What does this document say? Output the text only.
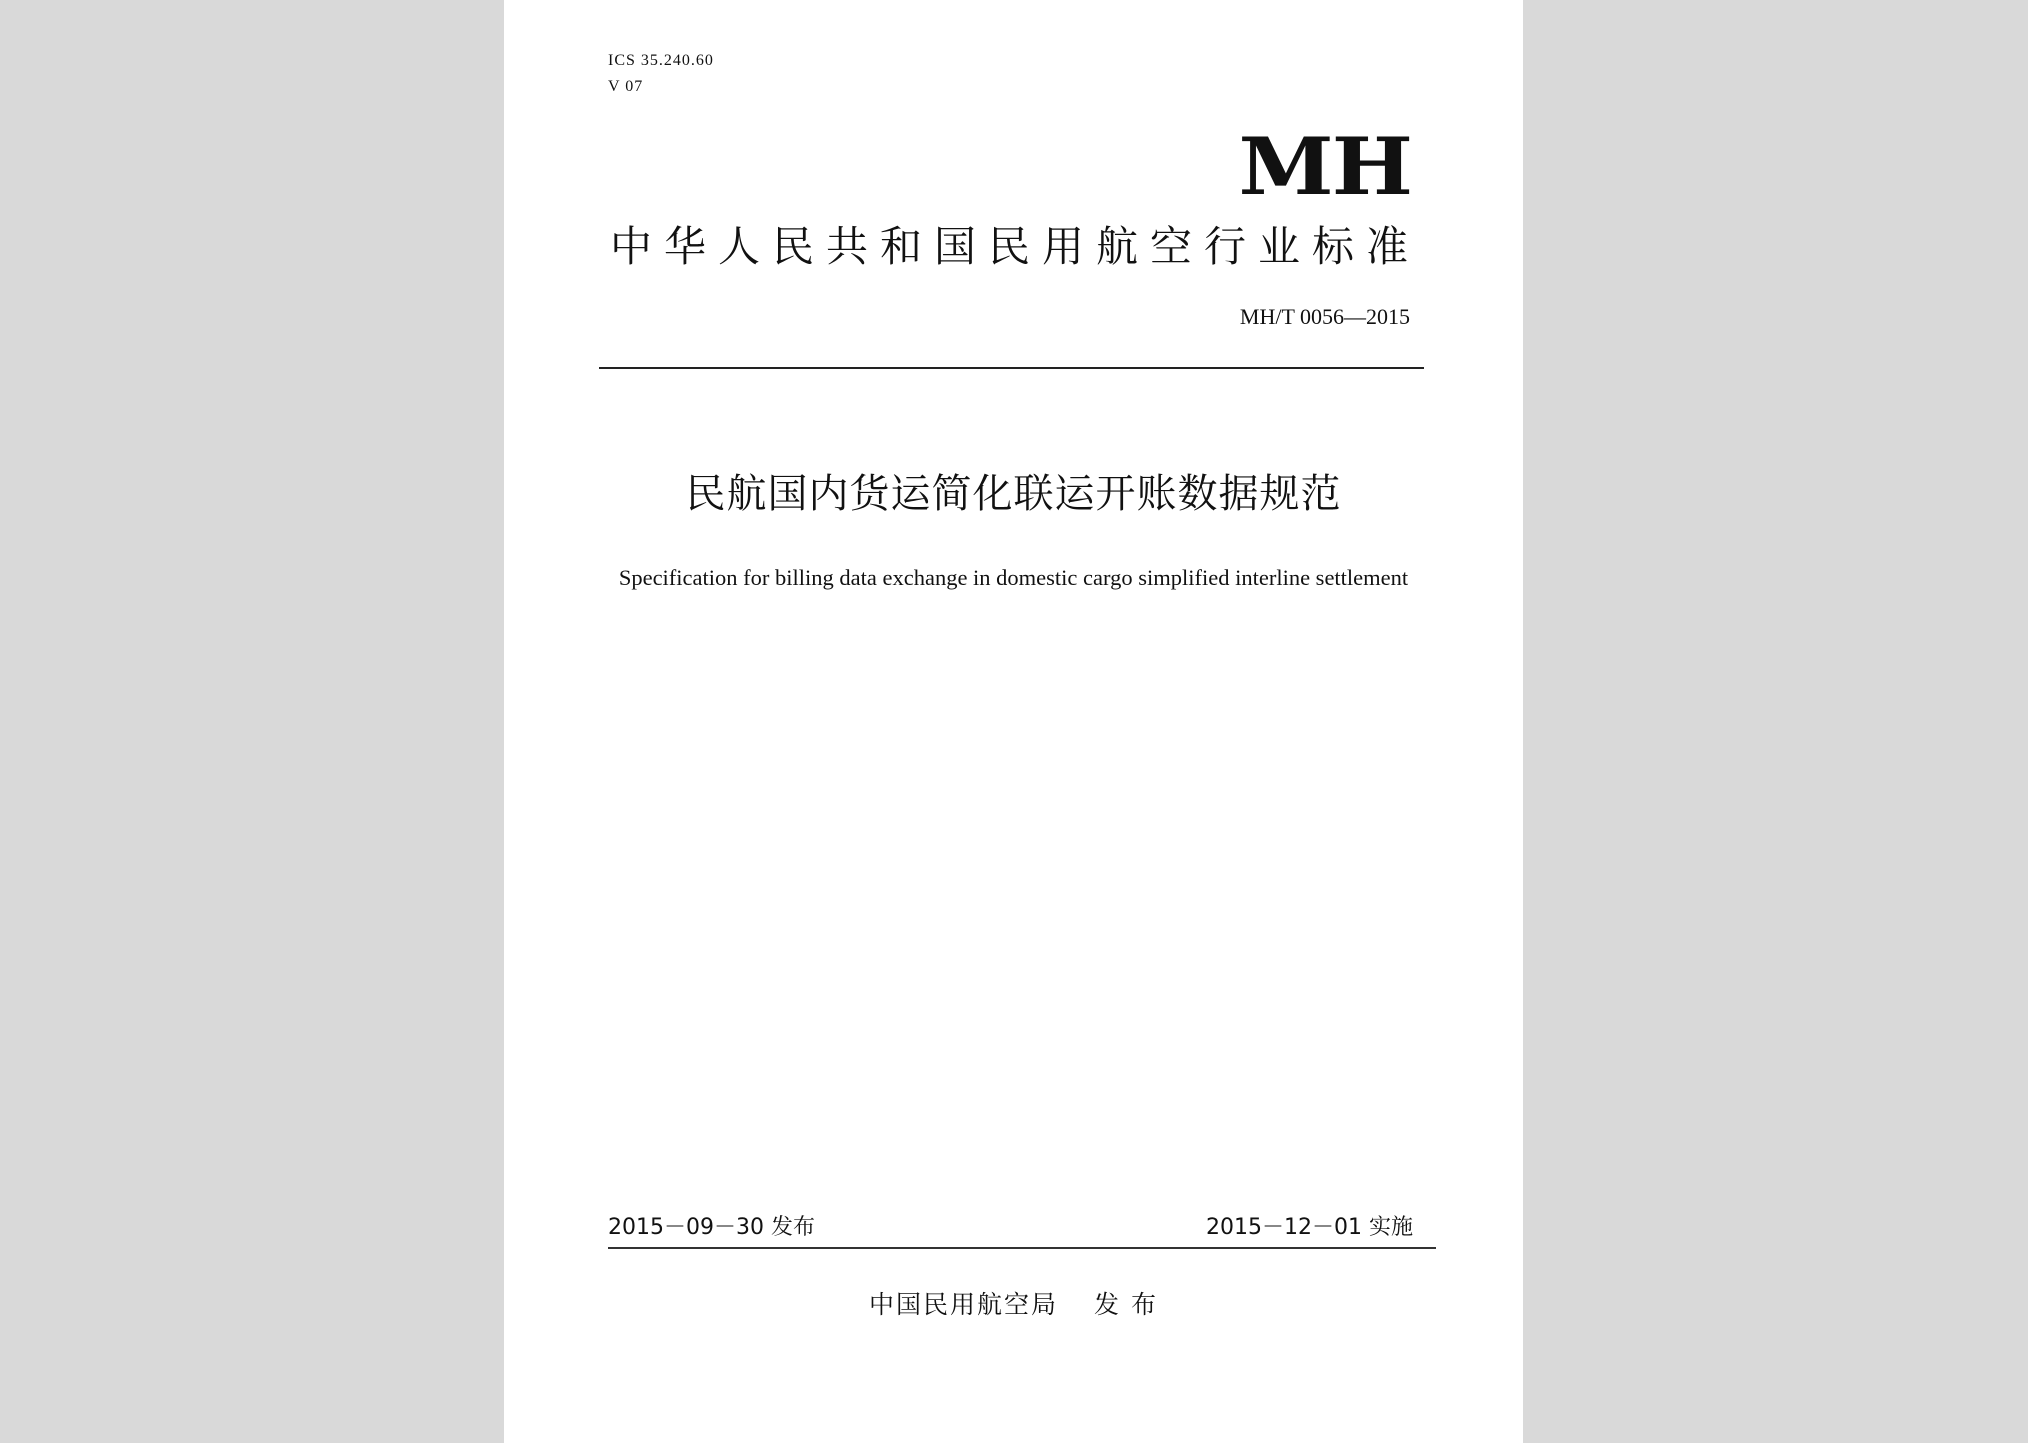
ICS 35.240.60
V 07
MH
中华人民共和国民用航空行业标准
MH/T 0056—2015
民航国内货运简化联运开账数据规范
Specification for billing data exchange in domestic cargo simplified interline settlement
2015－09－30 发布	2015－12－01 实施
中国民用航空局 发 布
